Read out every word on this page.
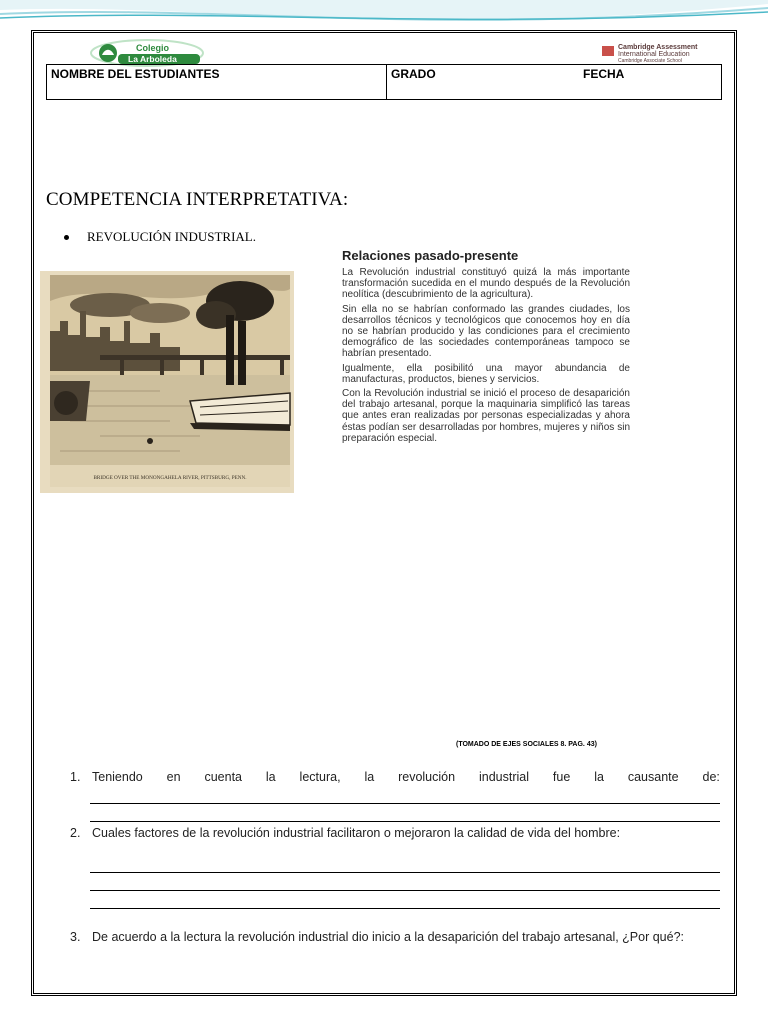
Colegio
La Arboleda
Cambridge Assessment
International Education
Cambridge Associate School
NOMBRE DEL ESTUDIANTES	GRADO	FECHA
COMPETENCIA INTERPRETATIVA:
REVOLUCIÓN INDUSTRIAL.
BRIDGE OVER THE MONONGAHELA RIVER, PITTSBURG, PENN.
Relaciones pasado-presente

La Revolución industrial constituyó quizá la más importante transformación sucedida en el mundo después de la Revolución neolítica (descubrimiento de la agricultura).

Sin ella no se habrían conformado las grandes ciudades, los desarrollos técnicos y tecnológicos que conocemos hoy en día no se habrían producido y las condiciones para el crecimiento demográfico de las sociedades contemporáneas tampoco se habrían presentado.

Igualmente, ella posibilitó una mayor abundancia de manufacturas, productos, bienes y servicios.

Con la Revolución industrial se inició el proceso de desaparición del trabajo artesanal, porque la maquinaria simplificó las tareas que antes eran realizadas por personas especializadas y ahora éstas podían ser desarrolladas por hombres, mujeres y niños sin preparación especial.

(TOMADO DE EJES SOCIALES 8. PAG. 43)
1. Teniendo en cuenta la lectura, la revolución industrial fue la causante de:
2. Cuales factores de la revolución industrial facilitaron o mejoraron la calidad de vida del hombre:
3. De acuerdo a la lectura la revolución industrial dio inicio a la desaparición del trabajo artesanal, ¿Por qué?:
